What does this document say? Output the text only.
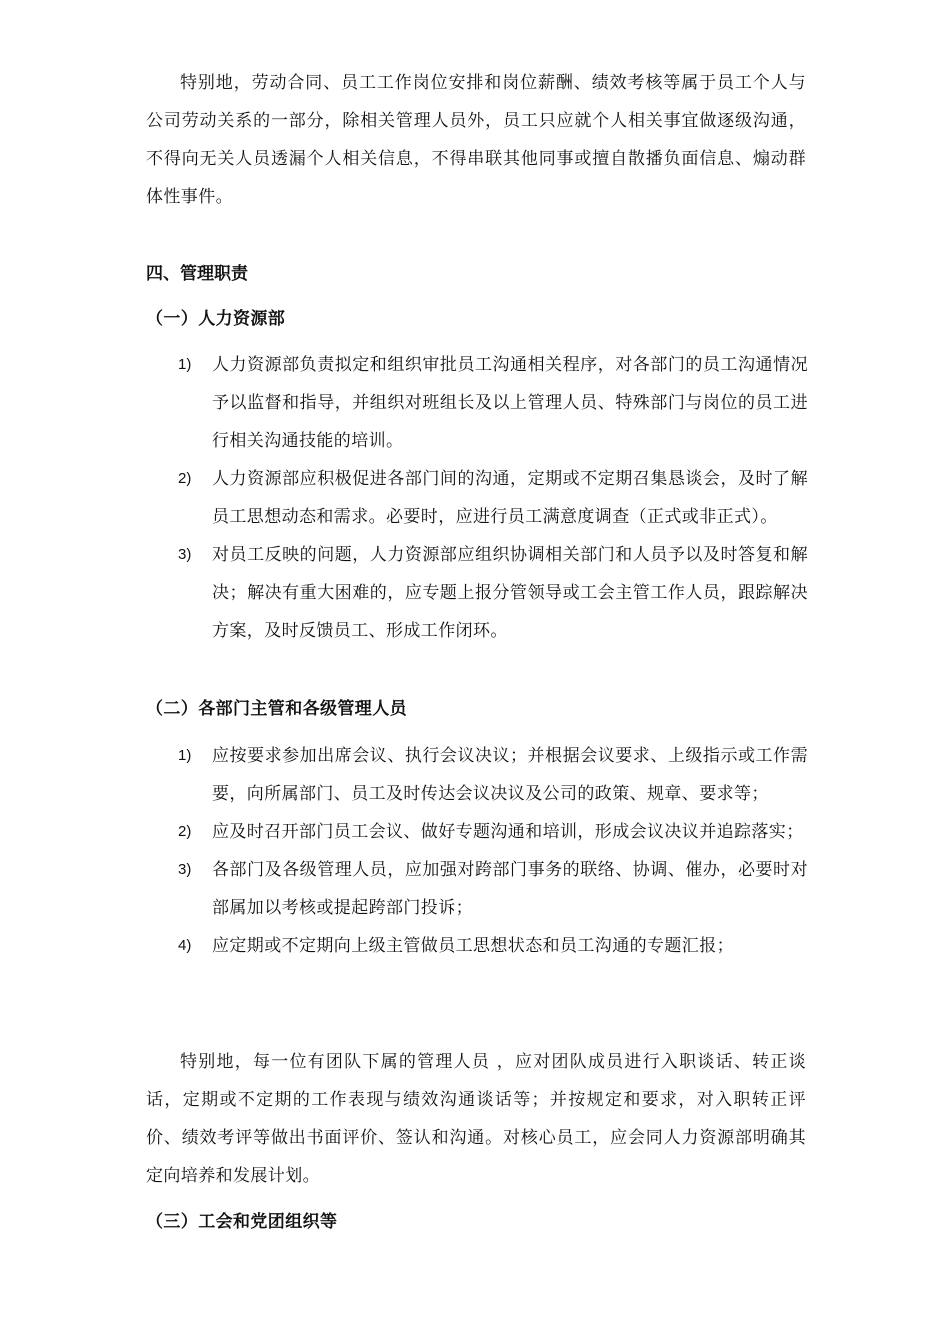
特别地，劳动合同、员工工作岗位安排和岗位薪酬、绩效考核等属于员工个人与公司劳动关系的一部分，除相关管理人员外，员工只应就个人相关事宜做逐级沟通，不得向无关人员透漏个人相关信息，不得串联其他同事或擅自散播负面信息、煽动群体性事件。

四、管理职责
（一）人力资源部
1)	人力资源部负责拟定和组织审批员工沟通相关程序，对各部门的员工沟通情况予以监督和指导，并组织对班组长及以上管理人员、特殊部门与岗位的员工进行相关沟通技能的培训。
2)	人力资源部应积极促进各部门间的沟通，定期或不定期召集恳谈会，及时了解员工思想动态和需求。必要时，应进行员工满意度调查（正式或非正式）。
3)	对员工反映的问题，人力资源部应组织协调相关部门和人员予以及时答复和解决；解决有重大困难的，应专题上报分管领导或工会主管工作人员，跟踪解决方案，及时反馈员工、形成工作闭环。
（二）各部门主管和各级管理人员
1)	应按要求参加出席会议、执行会议决议；并根据会议要求、上级指示或工作需要，向所属部门、员工及时传达会议决议及公司的政策、规章、要求等；
2)	应及时召开部门员工会议、做好专题沟通和培训，形成会议决议并追踪落实；
3)	各部门及各级管理人员，应加强对跨部门事务的联络、协调、催办，必要时对部属加以考核或提起跨部门投诉；
4)	应定期或不定期向上级主管做员工思想状态和员工沟通的专题汇报；

特别地，每一位有团队下属的管理人员 ，应对团队成员进行入职谈话、转正谈话，定期或不定期的工作表现与绩效沟通谈话等；并按规定和要求，对入职转正评价、绩效考评等做出书面评价、签认和沟通。对核心员工，应会同人力资源部明确其定向培养和发展计划。

（三）工会和党团组织等
